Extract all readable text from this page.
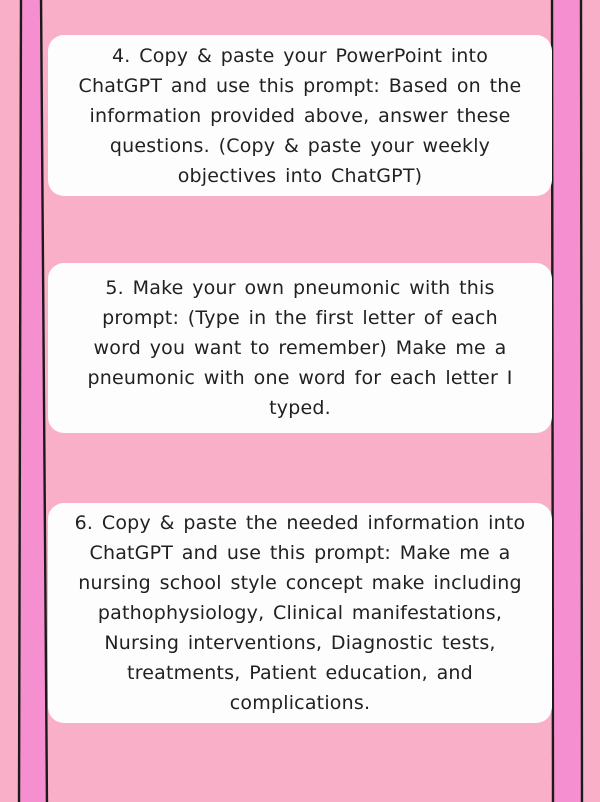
4. Copy & paste your PowerPoint into
ChatGPT and use this prompt: Based on the
information provided above, answer these
questions. (Copy & paste your weekly
objectives into ChatGPT)
5. Make your own pneumonic with this
prompt: (Type in the first letter of each
word you want to remember) Make me a
pneumonic with one word for each letter I
typed.
6. Copy & paste the needed information into
ChatGPT and use this prompt: Make me a
nursing school style concept make including
pathophysiology, Clinical manifestations,
Nursing interventions, Diagnostic tests,
treatments, Patient education, and
complications.
